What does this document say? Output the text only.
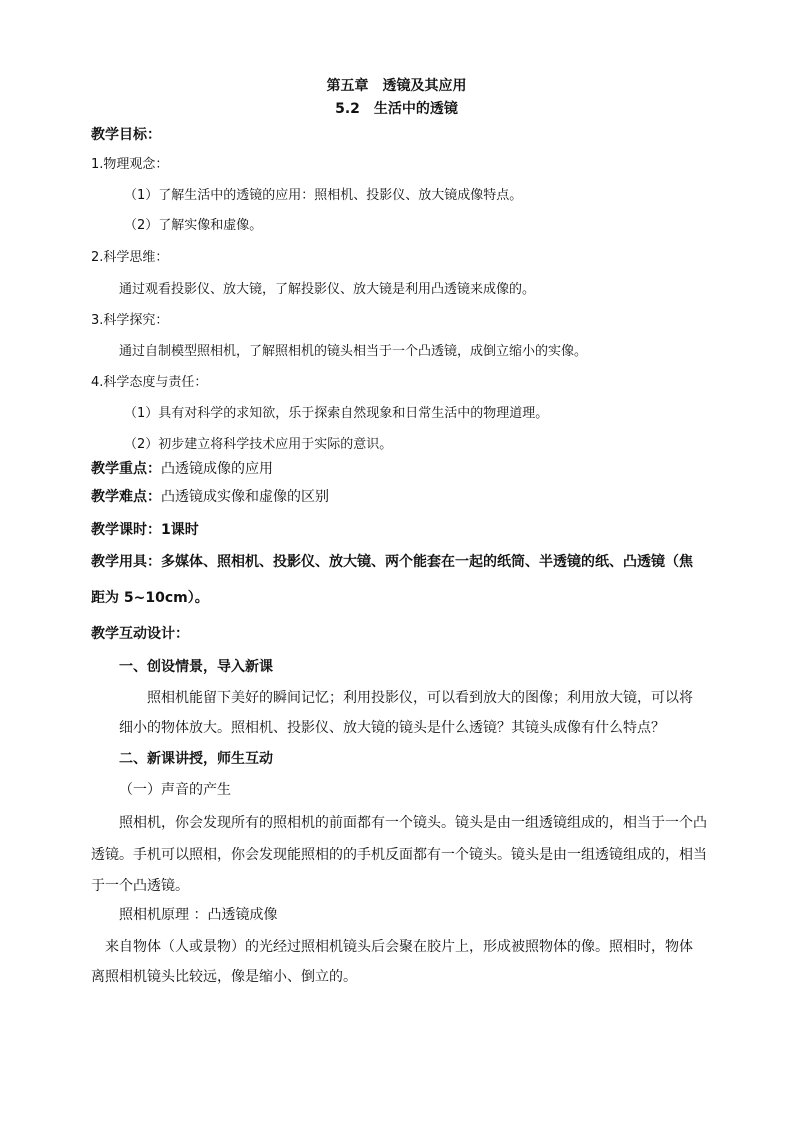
第五章　透镜及其应用
5.2　生活中的透镜
教学目标：
1.物理观念：
（1）了解生活中的透镜的应用：照相机、投影仪、放大镜成像特点。
（2）了解实像和虚像。
2.科学思维：
通过观看投影仪、放大镜，了解投影仪、放大镜是利用凸透镜来成像的。
3.科学探究：
通过自制模型照相机，了解照相机的镜头相当于一个凸透镜，成倒立缩小的实像。
4.科学态度与责任：
（1）具有对科学的求知欲，乐于探索自然现象和日常生活中的物理道理。
（2）初步建立将科学技术应用于实际的意识。
教学重点：凸透镜成像的应用
教学难点：凸透镜成实像和虚像的区别
教学课时：1课时
教学用具：多媒体、照相机、投影仪、放大镜、两个能套在一起的纸筒、半透镜的纸、凸透镜（焦
距为 5~10cm）。
教学互动设计：
一、创设情景，导入新课
照相机能留下美好的瞬间记忆；利用投影仪，可以看到放大的图像；利用放大镜，可以将
细小的物体放大。照相机、投影仪、放大镜的镜头是什么透镜？其镜头成像有什么特点？
二、新课讲授，师生互动
（一）声音的产生
照相机，你会发现所有的照相机的前面都有一个镜头。镜头是由一组透镜组成的，相当于一个凸
透镜。手机可以照相，你会发现能照相的的手机反面都有一个镜头。镜头是由一组透镜组成的，相当
于一个凸透镜。
照相机原理 ：凸透镜成像
来自物体（人或景物）的光经过照相机镜头后会聚在胶片上，形成被照物体的像。照相时，物体
离照相机镜头比较远，像是缩小、倒立的。
